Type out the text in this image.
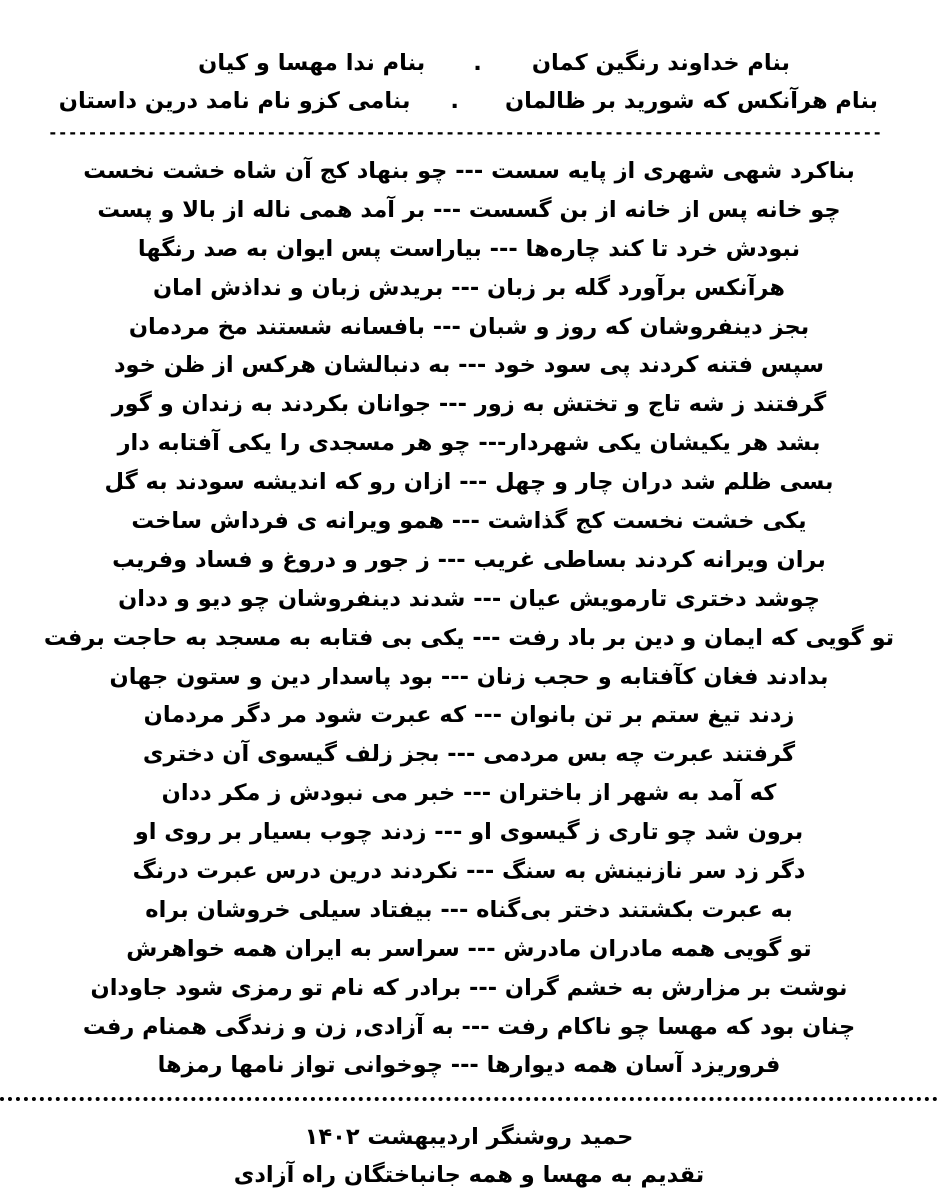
بنام خداوند رنگین کمان.بنام ندا مهسا و کیان
بنام هرآنکس که شورید بر ظالمان.بنامی کزو نام نامد درین داستان
------------------------------------------------------------------------------------
بناکرد شهی شهری از پایه سست --- چو بنهاد کج آن شاه خشت نخست
چو خانه پس از خانه از بن گسست --- بر آمد همی ناله از بالا و پست
نبودش خرد تا کند چاره‌ها --- بیاراست پس ایوان به صد رنگها
هرآنکس برآورد گله بر زبان --- بریدش زبان و نداذش امان
بجز دینفروشان که روز و شبان --- بافسانه شستند مخ مردمان
سپس فتنه کردند پی سود خود --- به دنبالشان هرکس از ظن خود
گرفتند ز شه تاج و تختش به زور --- جوانان بکردند به زندان و گور
بشد هر یکیشان یکی شهردار--- چو هر مسجدی را یکی آفتابه دار
بسی ظلم شد دران چار و چهل --- ازان رو که اندیشه سودند به گل
یکی خشت نخست کج گذاشت --- همو ویرانه ی فرداش ساخت
بران ویرانه کردند بساطی غریب --- ز جور و دروغ و فساد وفریب
چوشد دختری تارمویش عیان --- شدند دینفروشان چو دیو و ددان
تو گویی که ایمان و دین بر باد رفت --- یکی بی فتابه به مسجد به حاجت برفت
بدادند فغان کآفتابه و حجب زنان --- بود پاسدار دین و ستون جهان
زدند تیغ ستم بر تن بانوان --- که عبرت شود مر دگر مردمان
گرفتند عبرت چه بس مردمی --- بجز زلف گیسوی آن دختری
که آمد به شهر از باختران --- خبر می نبودش ز مکر ددان
برون شد چو تاری ز گیسوی او --- زدند چوب بسیار بر روی او
دگر زد سر نازنینش به سنگ --- نکردند درین درس عبرت درنگ
به عبرت بکشتند دختر بی‌گناه --- بیفتاد سیلی خروشان براه
تو گویی همه مادران مادرش --- سراسر به ایران همه خواهرش
نوشت بر مزارش به خشم گران --- برادر که نام تو رمزی شود جاودان
چنان بود که مهسا چو ناکام رفت --- به آزادی, زن و زندگی همنام رفت
فروریزد آسان همه دیوارها --- چوخوانی تواز نامها رمزها
حمید روشنگر اردیبهشت ۱۴۰۲
تقدیم به مهسا و همه جانباختگان راه آزادی
